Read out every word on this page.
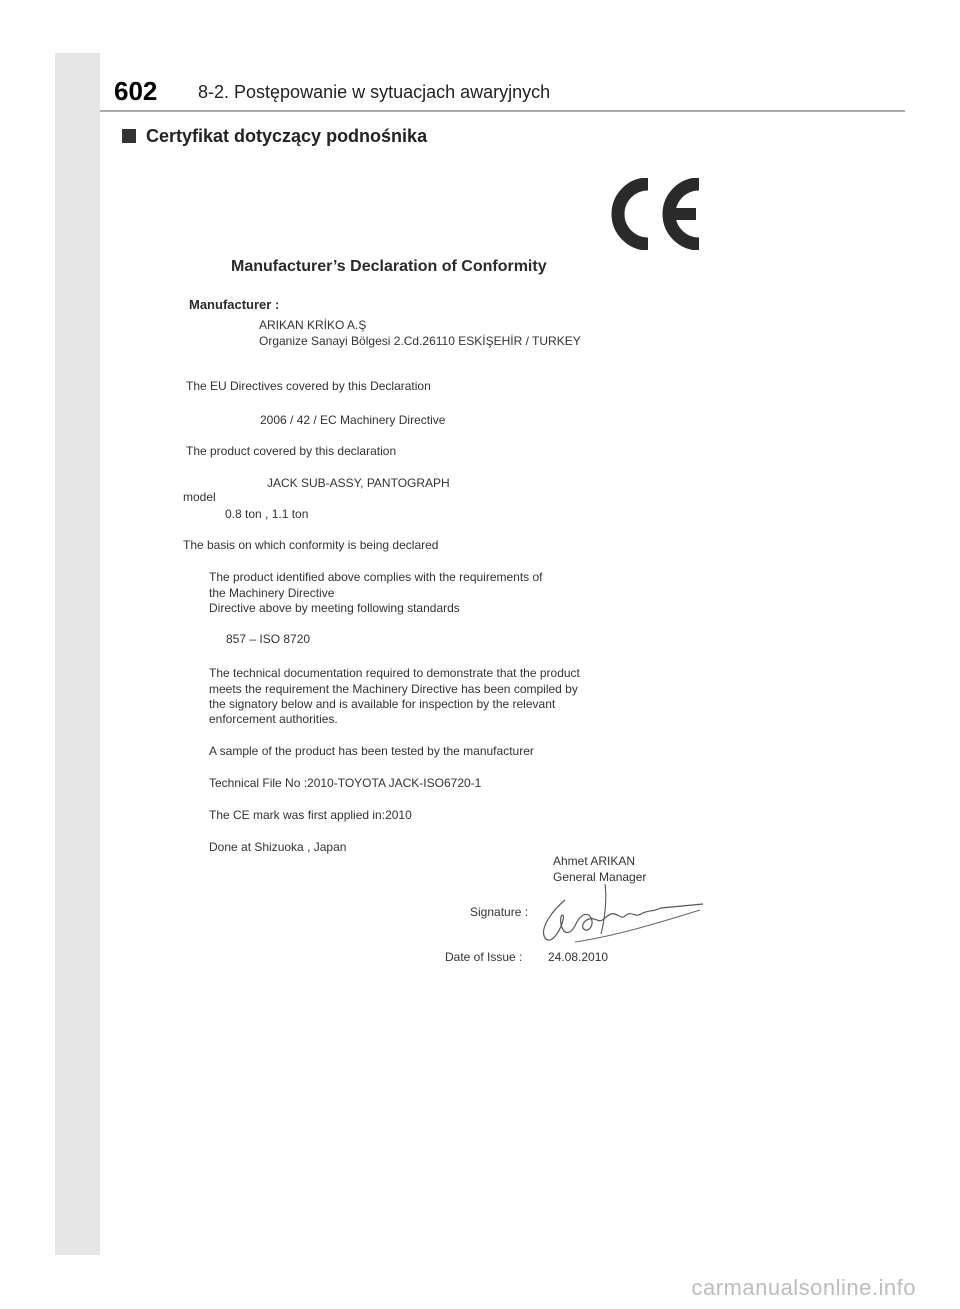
602 8-2. Postępowanie w sytuacjach awaryjnych
Certyfikat dotyczący podnośnika
Manufacturer’s Declaration of Conformity
Manufacturer :
ARIKAN KRİKO A.Ş
Organize Sanayi Bölgesi 2.Cd.26110 ESKİŞEHİR / TURKEY
The EU Directives covered by this Declaration
2006 / 42 / EC Machinery Directive
The product covered by this declaration
JACK SUB-ASSY, PANTOGRAPH
model
0.8 ton , 1.1 ton
The basis on which conformity is being declared
The product identified above complies with the requirements of
the Machinery Directive
Directive above by meeting following standards
857 – ISO 8720
The technical documentation required to demonstrate that the product
meets the requirement the Machinery Directive has been compiled by
the signatory below and is available for inspection by the relevant
enforcement authorities.
A sample of the product has been tested by the manufacturer
Technical File No :2010-TOYOTA JACK-ISO6720-1
The CE mark was first applied in:2010
Done at Shizuoka , Japan
Ahmet ARIKAN
General Manager
Signature :
Date of Issue : 24.08.2010
carmanualsonline.info
